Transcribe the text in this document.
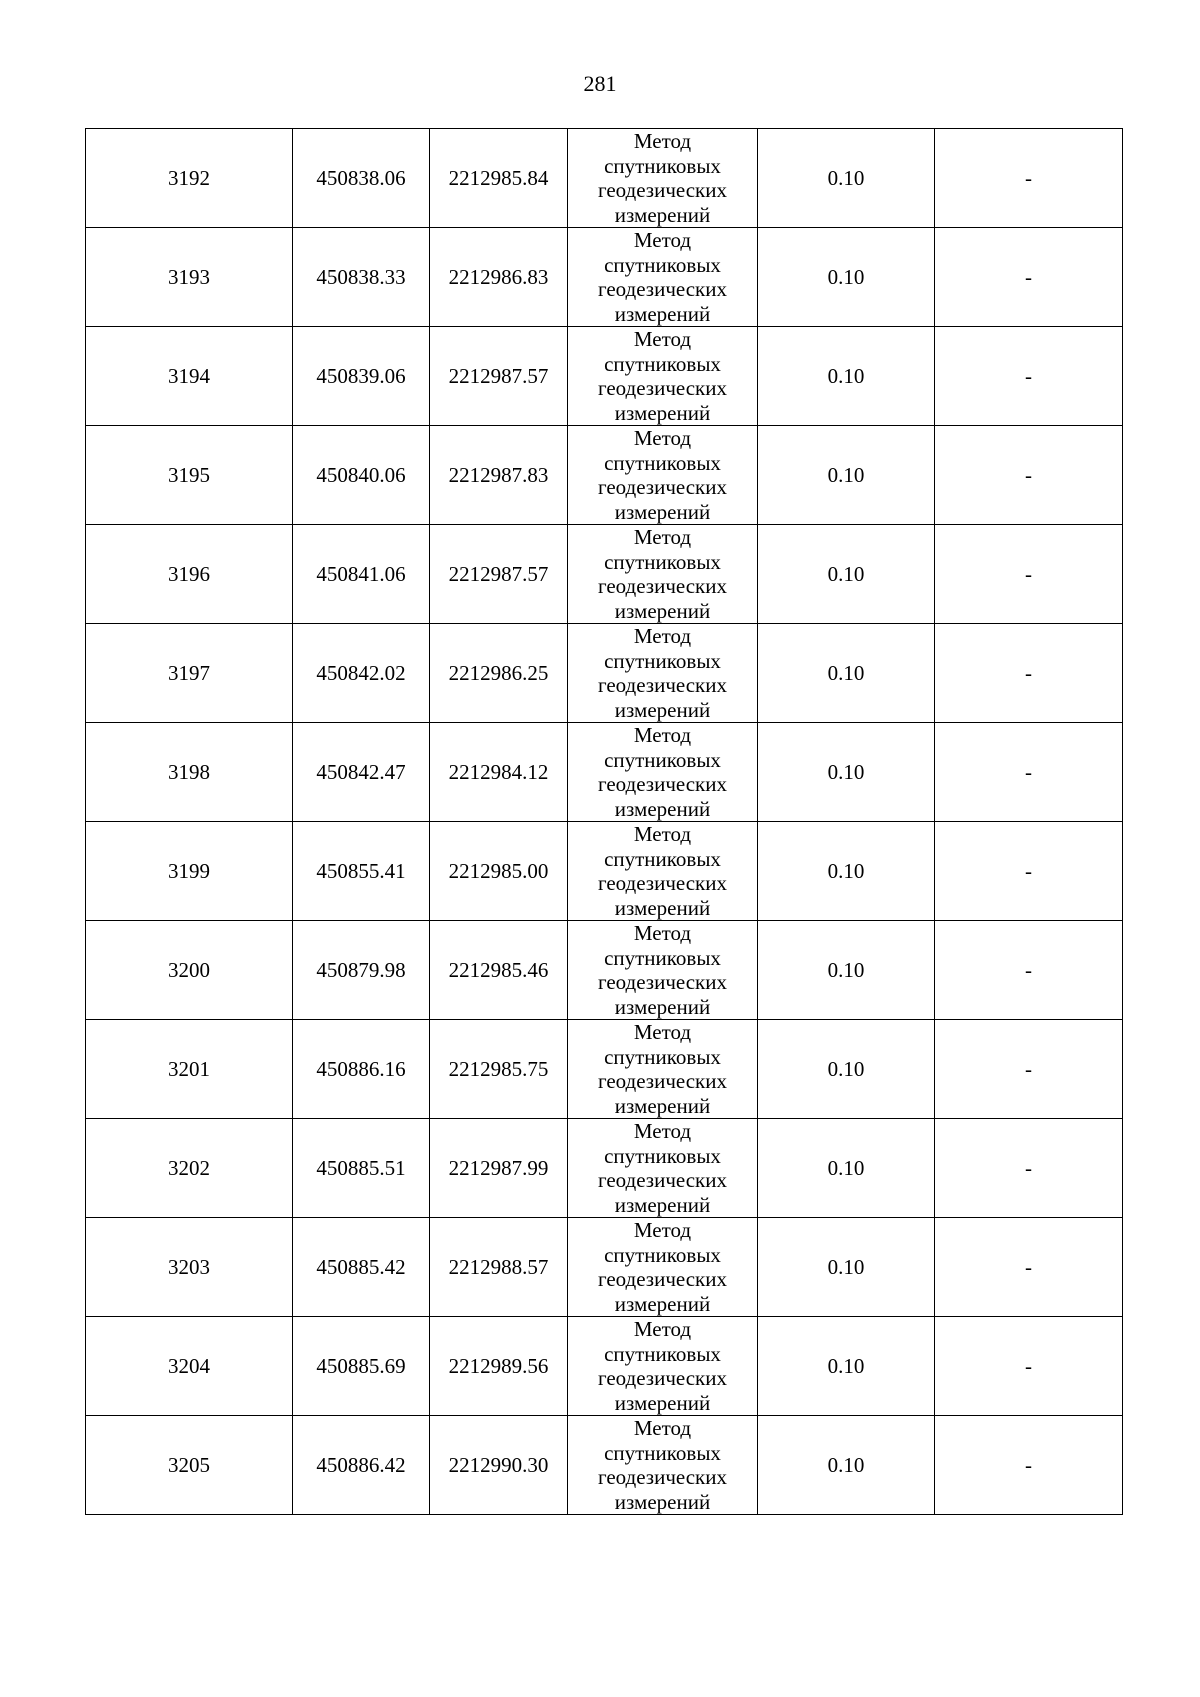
281
3192	450838.06	2212985.84	Метод
спутниковых
геодезических
измерений	0.10	-
3193	450838.33	2212986.83	Метод
спутниковых
геодезических
измерений	0.10	-
3194	450839.06	2212987.57	Метод
спутниковых
геодезических
измерений	0.10	-
3195	450840.06	2212987.83	Метод
спутниковых
геодезических
измерений	0.10	-
3196	450841.06	2212987.57	Метод
спутниковых
геодезических
измерений	0.10	-
3197	450842.02	2212986.25	Метод
спутниковых
геодезических
измерений	0.10	-
3198	450842.47	2212984.12	Метод
спутниковых
геодезических
измерений	0.10	-
3199	450855.41	2212985.00	Метод
спутниковых
геодезических
измерений	0.10	-
3200	450879.98	2212985.46	Метод
спутниковых
геодезических
измерений	0.10	-
3201	450886.16	2212985.75	Метод
спутниковых
геодезических
измерений	0.10	-
3202	450885.51	2212987.99	Метод
спутниковых
геодезических
измерений	0.10	-
3203	450885.42	2212988.57	Метод
спутниковых
геодезических
измерений	0.10	-
3204	450885.69	2212989.56	Метод
спутниковых
геодезических
измерений	0.10	-
3205	450886.42	2212990.30	Метод
спутниковых
геодезических
измерений	0.10	-
